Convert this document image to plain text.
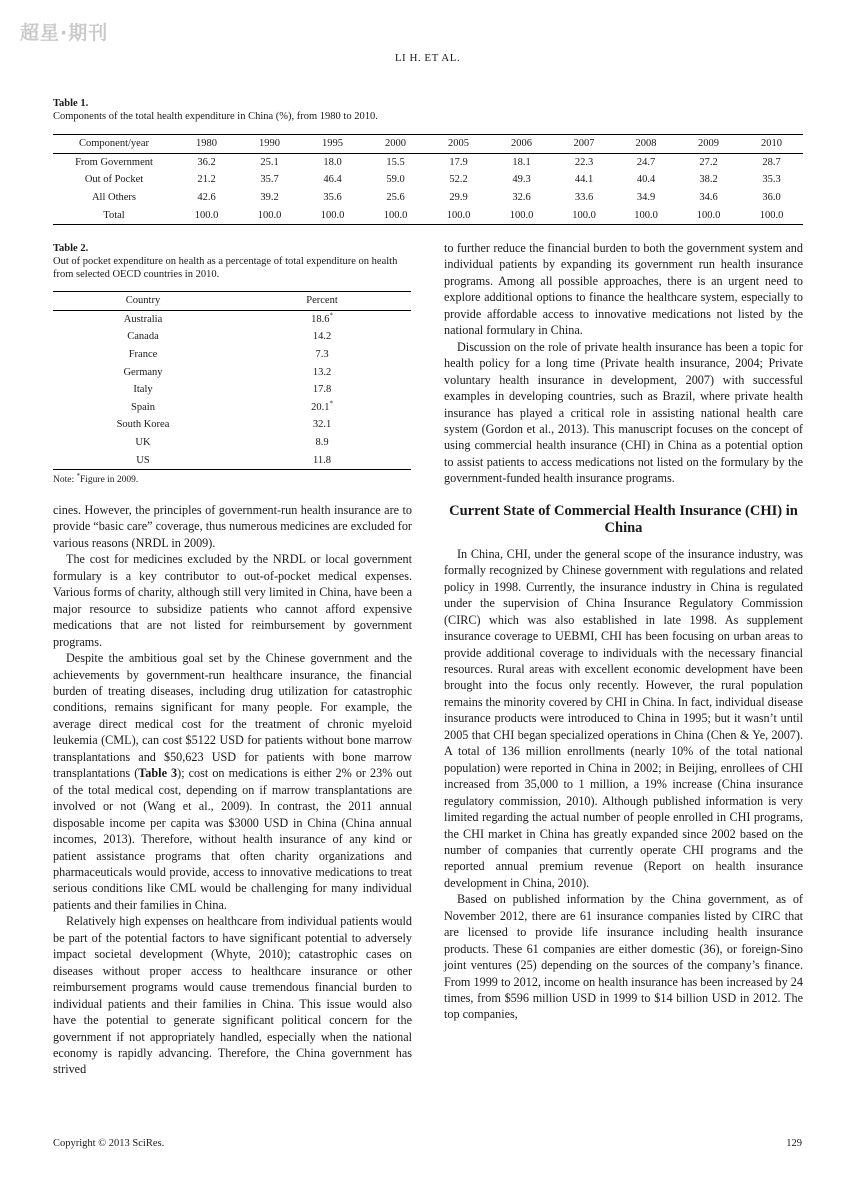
超星·期刊
LI H. ET AL.
Table 1.
Components of the total health expenditure in China (%), from 1980 to 2010.
Component/year	1980	1990	1995	2000	2005	2006	2007	2008	2009	2010
From Government	36.2	25.1	18.0	15.5	17.9	18.1	22.3	24.7	27.2	28.7
Out of Pocket	21.2	35.7	46.4	59.0	52.2	49.3	44.1	40.4	38.2	35.3
All Others	42.6	39.2	35.6	25.6	29.9	32.6	33.6	34.9	34.6	36.0
Total	100.0	100.0	100.0	100.0	100.0	100.0	100.0	100.0	100.0	100.0
Table 2.
Out of pocket expenditure on health as a percentage of total expenditure on health from selected OECD countries in 2010.
Country	Percent
Australia	18.6*
Canada	14.2
France	7.3
Germany	13.2
Italy	17.8
Spain	20.1*
South Korea	32.1
UK	8.9
US	11.8
Note: *Figure in 2009.

cines. However, the principles of government-run health insurance are to provide “basic care” coverage, thus numerous medicines are excluded for various reasons (NRDL in 2009).

The cost for medicines excluded by the NRDL or local government formulary is a key contributor to out-of-pocket medical expenses. Various forms of charity, although still very limited in China, have been a major resource to subsidize patients who cannot afford expensive medications that are not listed for reimbursement by government programs.

Despite the ambitious goal set by the Chinese government and the achievements by government-run healthcare insurance, the financial burden of treating diseases, including drug utilization for catastrophic conditions, remains significant for many people. For example, the average direct medical cost for the treatment of chronic myeloid leukemia (CML), can cost $5122 USD for patients without bone marrow transplantations and $50,623 USD for patients with bone marrow transplantations (Table 3); cost on medications is either 2% or 23% out of the total medical cost, depending on if marrow transplantations are involved or not (Wang et al., 2009). In contrast, the 2011 annual disposable income per capita was $3000 USD in China (China annual incomes, 2013). Therefore, without health insurance of any kind or patient assistance programs that often charity organizations and pharmaceuticals would provide, access to innovative medications to treat serious conditions like CML would be challenging for many individual patients and their families in China.

Relatively high expenses on healthcare from individual patients would be part of the potential factors to have significant potential to adversely impact societal development (Whyte, 2010); catastrophic cases on diseases without proper access to healthcare insurance or other reimbursement programs would cause tremendous financial burden to individual patients and their families in China. This issue would also have the potential to generate significant political concern for the government if not appropriately handled, especially when the national economy is rapidly advancing. Therefore, the China government has strived

to further reduce the financial burden to both the government system and individual patients by expanding its government run health insurance programs. Among all possible approaches, there is an urgent need to explore additional options to finance the healthcare system, especially to provide affordable access to innovative medications not listed by the national formulary in China.

Discussion on the role of private health insurance has been a topic for health policy for a long time (Private health insurance, 2004; Private voluntary health insurance in development, 2007) with successful examples in developing countries, such as Brazil, where private health insurance has played a critical role in assisting national health care system (Gordon et al., 2013). This manuscript focuses on the concept of using commercial health insurance (CHI) in China as a potential option to assist patients to access medications not listed on the formulary by the government-funded health insurance programs.

Current State of Commercial Health Insurance (CHI) in China

In China, CHI, under the general scope of the insurance industry, was formally recognized by Chinese government with regulations and related policy in 1998. Currently, the insurance industry in China is regulated under the supervision of China Insurance Regulatory Commission (CIRC) which was also established in late 1998. As supplement insurance coverage to UEBMI, CHI has been focusing on urban areas to provide additional coverage to individuals with the necessary financial resources. Rural areas with excellent economic development have been brought into the focus only recently. However, the rural population remains the minority covered by CHI in China. In fact, individual disease insurance products were introduced to China in 1995; but it wasn’t until 2005 that CHI began specialized operations in China (Chen & Ye, 2007). A total of 136 million enrollments (nearly 10% of the total national population) were reported in China in 2002; in Beijing, enrollees of CHI increased from 35,000 to 1 million, a 19% increase (China insurance regulatory commission, 2010). Although published information is very limited regarding the actual number of people enrolled in CHI programs, the CHI market in China has greatly expanded since 2002 based on the number of companies that currently operate CHI programs and the reported annual premium revenue (Report on health insurance development in China, 2010).

Based on published information by the China government, as of November 2012, there are 61 insurance companies listed by CIRC that are licensed to provide life insurance including health insurance products. These 61 companies are either domestic (36), or foreign-Sino joint ventures (25) depending on the sources of the company’s finance. From 1999 to 2012, income on health insurance has been increased by 24 times, from $596 million USD in 1999 to $14 billion USD in 2012. The top companies,

Copyright © 2013 SciRes.	129
